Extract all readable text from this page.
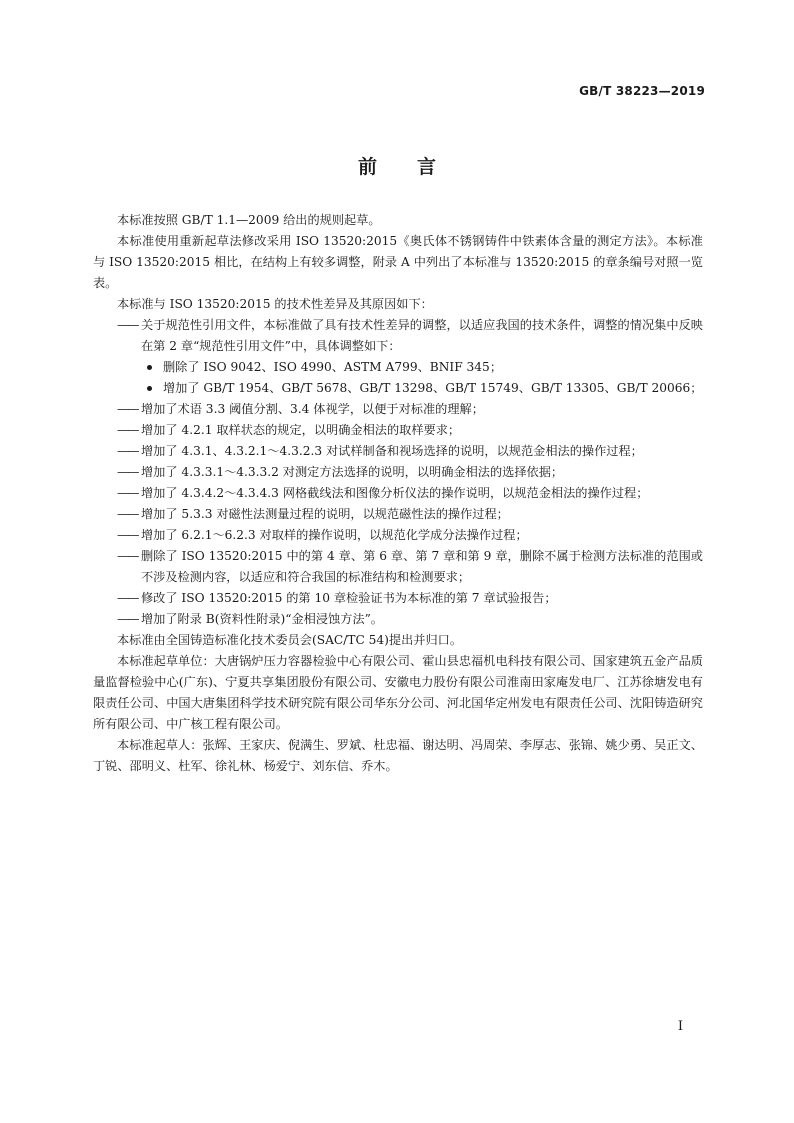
GB/T 38223—2019
前言

本标准按照 GB/T 1.1—2009 给出的规则起草。

本标准使用重新起草法修改采用 ISO 13520:2015《奥氏体不锈钢铸件中铁素体含量的测定方法》。本标准与 ISO 13520:2015 相比，在结构上有较多调整，附录 A 中列出了本标准与 13520:2015 的章条编号对照一览表。

本标准与 ISO 13520:2015 的技术性差异及其原因如下：

—— 关于规范性引用文件，本标准做了具有技术性差异的调整，以适应我国的技术条件，调整的情况集中反映在第 2 章“规范性引用文件”中，具体调整如下：

删除了 ISO 9042、ISO 4990、ASTM A799、BNIF 345；

增加了 GB/T 1954、GB/T 5678、GB/T 13298、GB/T 15749、GB/T 13305、GB/T 20066；

—— 增加了术语 3.3 阈值分割、3.4 体视学，以便于对标准的理解；

—— 增加了 4.2.1 取样状态的规定，以明确金相法的取样要求；

—— 增加了 4.3.1、4.3.2.1～4.3.2.3 对试样制备和视场选择的说明，以规范金相法的操作过程；

—— 增加了 4.3.3.1～4.3.3.2 对测定方法选择的说明，以明确金相法的选择依据；

—— 增加了 4.3.4.2～4.3.4.3 网格截线法和图像分析仪法的操作说明，以规范金相法的操作过程；

—— 增加了 5.3.3 对磁性法测量过程的说明，以规范磁性法的操作过程；

—— 增加了 6.2.1～6.2.3 对取样的操作说明，以规范化学成分法操作过程；

—— 删除了 ISO 13520:2015 中的第 4 章、第 6 章、第 7 章和第 9 章，删除不属于检测方法标准的范围或不涉及检测内容，以适应和符合我国的标准结构和检测要求；

—— 修改了 ISO 13520:2015 的第 10 章检验证书为本标准的第 7 章试验报告；

—— 增加了附录 B(资料性附录)“金相浸蚀方法”。

本标准由全国铸造标准化技术委员会(SAC/TC 54)提出并归口。

本标准起草单位：大唐锅炉压力容器检验中心有限公司、霍山县忠福机电科技有限公司、国家建筑五金产品质量监督检验中心(广东)、宁夏共享集团股份有限公司、安徽电力股份有限公司淮南田家庵发电厂、江苏徐塘发电有限责任公司、中国大唐集团科学技术研究院有限公司华东分公司、河北国华定州发电有限责任公司、沈阳铸造研究所有限公司、中广核工程有限公司。

本标准起草人：张辉、王家庆、倪满生、罗斌、杜忠福、谢达明、冯周荣、李厚志、张锦、姚少勇、吴正文、丁锐、邵明义、杜军、徐礼林、杨爱宁、刘东信、乔木。

I
